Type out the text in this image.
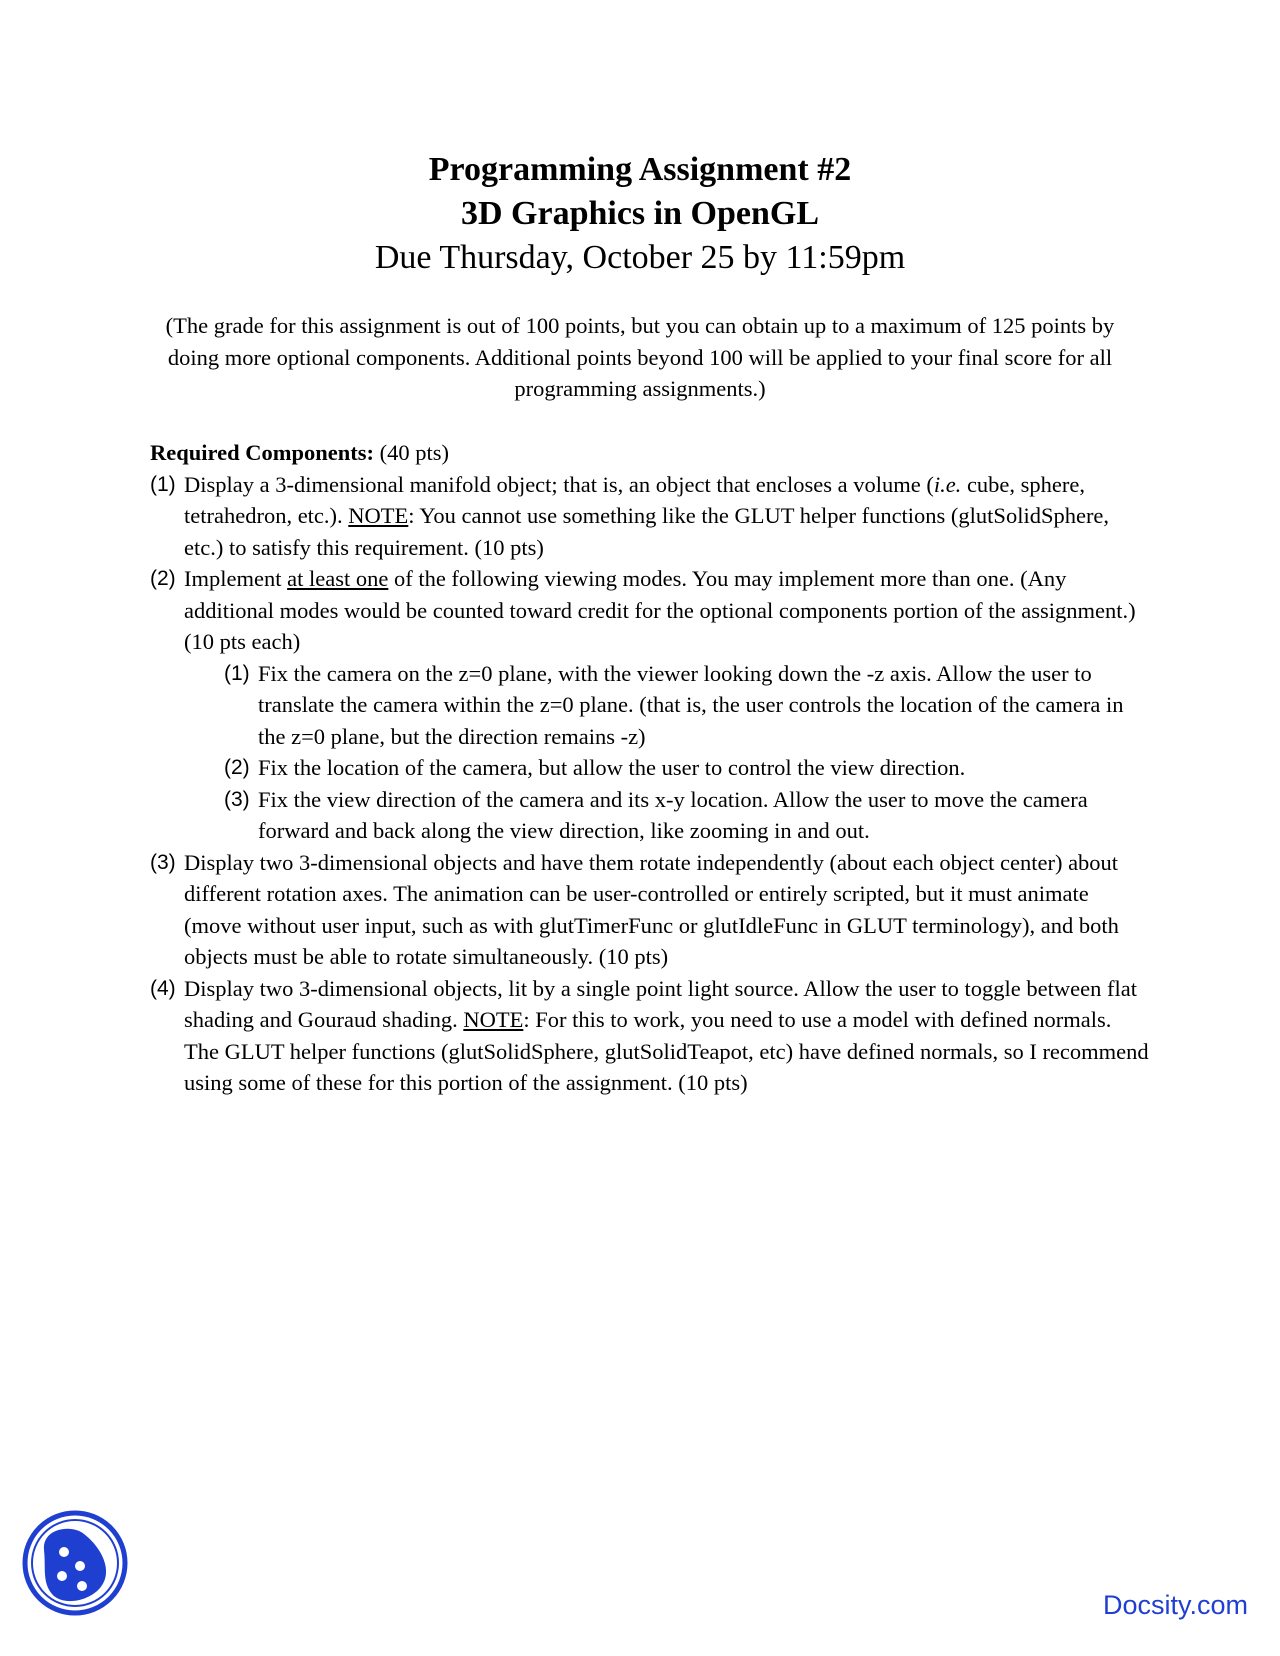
Programming Assignment #2
3D Graphics in OpenGL
Due Thursday, October 25 by 11:59pm
(The grade for this assignment is out of 100 points, but you can obtain up to a maximum of 125 points by doing more optional components. Additional points beyond 100 will be applied to your final score for all programming assignments.)
Required Components: (40 pts)
(1) Display a 3-dimensional manifold object; that is, an object that encloses a volume (i.e. cube, sphere, tetrahedron, etc.). NOTE: You cannot use something like the GLUT helper functions (glutSolidSphere, etc.) to satisfy this requirement. (10 pts)
(2) Implement at least one of the following viewing modes. You may implement more than one. (Any additional modes would be counted toward credit for the optional components portion of the assignment.) (10 pts each)
(1) Fix the camera on the z=0 plane, with the viewer looking down the -z axis. Allow the user to translate the camera within the z=0 plane. (that is, the user controls the location of the camera in the z=0 plane, but the direction remains -z)
(2) Fix the location of the camera, but allow the user to control the view direction.
(3) Fix the view direction of the camera and its x-y location. Allow the user to move the camera forward and back along the view direction, like zooming in and out.
(3) Display two 3-dimensional objects and have them rotate independently (about each object center) about different rotation axes. The animation can be user-controlled or entirely scripted, but it must animate (move without user input, such as with glutTimerFunc or glutIdleFunc in GLUT terminology), and both objects must be able to rotate simultaneously. (10 pts)
(4) Display two 3-dimensional objects, lit by a single point light source. Allow the user to toggle between flat shading and Gouraud shading. NOTE: For this to work, you need to use a model with defined normals. The GLUT helper functions (glutSolidSphere, glutSolidTeapot, etc) have defined normals, so I recommend using some of these for this portion of the assignment. (10 pts)
Docsity.com
